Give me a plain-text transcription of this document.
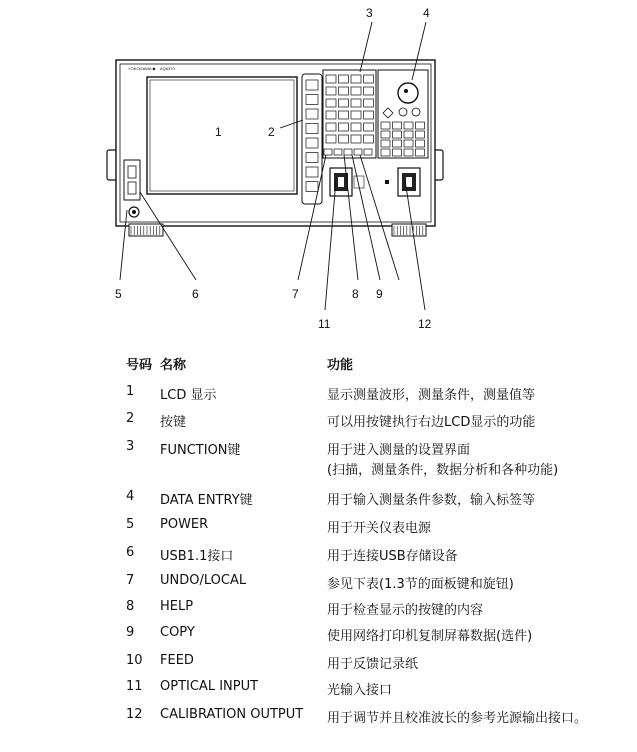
YOKOGAWA ◆ AQ6370
1	2
3	4
5	6	7	8 9
11	12
号码 名称	功能
1 LCD 显示	显示测量波形，测量条件，测量值等
2 按键	可以用按键执行右边LCD显示的功能
3 FUNCTION键	用于进入测量的设置界面
(扫描，测量条件，数据分析和各种功能)
4 DATA ENTRY键	用于输入测量条件参数，输入标签等
5 POWER	用于开关仪表电源
6 USB1.1接口	用于连接USB存储设备
7 UNDO/LOCAL	参见下表(1.3节的面板键和旋钮)
8 HELP	用于检查显示的按键的内容
9 COPY	使用网络打印机复制屏幕数据(选件)
10 FEED	用于反馈记录纸
11 OPTICAL INPUT	光输入接口
12 CALIBRATION OUTPUT 用于调节并且校准波长的参考光源输出接口。
